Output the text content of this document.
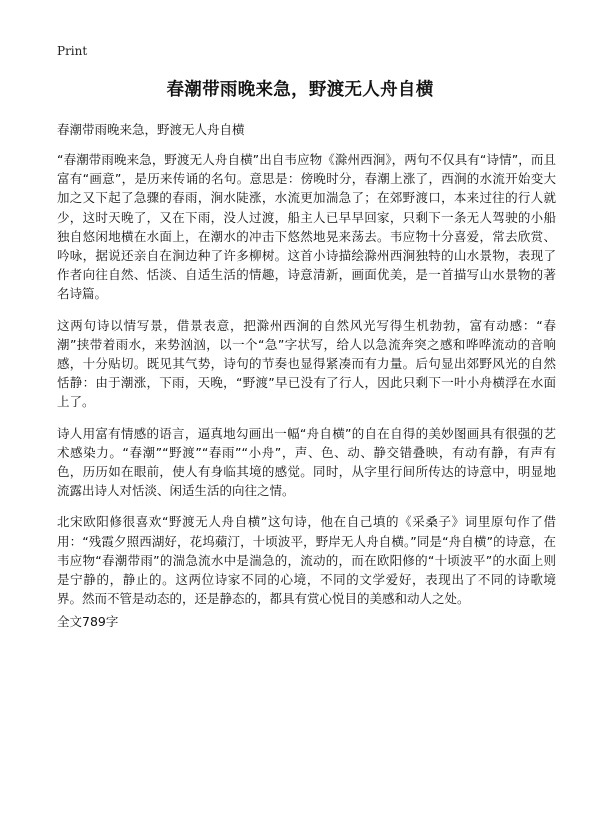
Print
春潮带雨晚来急，野渡无人舟自横

春潮带雨晚来急，野渡无人舟自横

“春潮带雨晚来急，野渡无人舟自横”出自韦应物《滁州西涧》，两句不仅具有“诗情”，而且富有“画意”，是历来传诵的名句。意思是：傍晚时分，春潮上涨了，西涧的水流开始变大加之又下起了急骤的春雨，涧水陡涨，水流更加湍急了；在郊野渡口，本来过往的行人就少，这时天晚了，又在下雨，没人过渡，船主人已早早回家，只剩下一条无人驾驶的小船独自悠闲地横在水面上，在潮水的冲击下悠然地晃来荡去。韦应物十分喜爱，常去欣赏、吟咏，据说还亲自在涧边种了许多柳树。这首小诗描绘滁州西涧独特的山水景物，表现了作者向往自然、恬淡、自适生活的情趣，诗意清新，画面优美，是一首描写山水景物的著名诗篇。

这两句诗以情写景，借景表意，把滁州西涧的自然风光写得生机勃勃，富有动感：“春潮”挟带着雨水，来势汹汹，以一个“急”字状写，给人以急流奔突之感和哗哗流动的音响感，十分贴切。既见其气势，诗句的节奏也显得紧凑而有力量。后句显出郊野风光的自然恬静：由于潮涨，下雨，天晚，“野渡”早已没有了行人，因此只剩下一叶小舟横浮在水面上了。

诗人用富有情感的语言，逼真地勾画出一幅“舟自横”的自在自得的美妙图画具有很强的艺术感染力。“春潮”“野渡”“春雨”“小舟”，声、色、动、静交错叠映，有动有静，有声有色，历历如在眼前，使人有身临其境的感觉。同时，从字里行间所传达的诗意中，明显地流露出诗人对恬淡、闲适生活的向往之情。

北宋欧阳修很喜欢“野渡无人舟自横”这句诗，他在自己填的《采桑子》词里原句作了借用：“残霞夕照西湖好，花坞蘋汀，十顷波平，野岸无人舟自横。”同是“舟自横”的诗意，在韦应物“春潮带雨”的湍急流水中是湍急的，流动的，而在欧阳修的“十顷波平”的水面上则是宁静的，静止的。这两位诗家不同的心境，不同的文学爱好，表现出了不同的诗歌境界。然而不管是动态的，还是静态的，都具有赏心悦目的美感和动人之处。

全文789字
